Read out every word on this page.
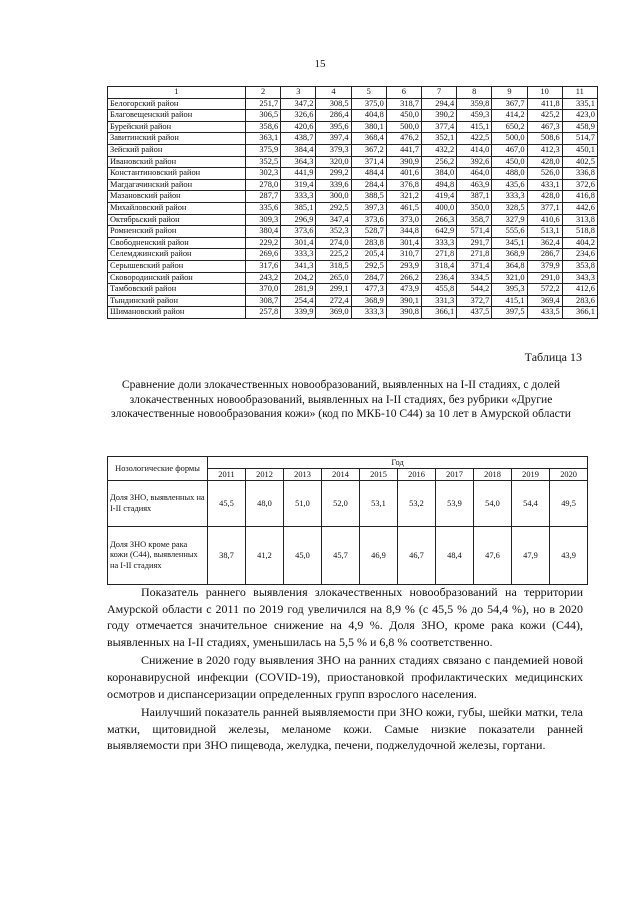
15
1	2	3	4	5	6	7	8	9	10	11
Белогорский район	251,7	347,2	308,5	375,0	318,7	294,4	359,8	367,7	411,8	335,1
Благовещенский район	306,5	326,6	286,4	404,8	450,0	390,2	459,3	414,2	425,2	423,0
Бурейский район	358,6	420,6	395,6	380,1	500,0	377,4	415,1	650,2	467,3	458,9
Завитинский район	363,1	438,7	397,4	368,4	476,2	352,1	422,5	500,0	508,6	514,7
Зейский район	375,9	384,4	379,3	367,2	441,7	432,2	414,0	467,0	412,3	450,1
Ивановский район	352,5	364,3	320,0	371,4	390,9	256,2	392,6	450,0	428,0	402,5
Константиновский район	302,3	441,9	299,2	484,4	401,6	384,0	464,0	488,0	526,0	336,8
Магдагачинский район	278,0	319,4	339,6	284,4	376,8	494,8	463,9	435,6	433,1	372,6
Мазановский район	287,7	333,3	300,0	388,5	321,2	419,4	387,1	333,3	428,0	416,8
Михайловский район	335,6	385,1	292,5	397,3	461,5	400,0	350,0	328,5	377,1	442,6
Октябрьский район	309,3	296,9	347,4	373,6	373,0	266,3	358,7	327,9	410,6	313,8
Ромненский район	380,4	373,6	352,3	528,7	344,8	642,9	571,4	555,6	513,1	518,8
Свободненский район	229,2	301,4	274,0	283,8	301,4	333,3	291,7	345,1	362,4	404,2
Селемджинский район	269,6	333,3	225,2	205,4	310,7	271,8	271,8	368,9	286,7	234,6
Серышевский район	317,6	341,3	318,5	292,5	293,9	318,4	371,4	364,8	379,9	353,8
Сковородинский район	243,2	204,2	265,0	284,7	266,2	236,4	334,5	321,0	291,0	343,3
Тамбовский район	370,0	281,9	299,1	477,3	473,9	455,8	544,2	395,3	572,2	412,6
Тындинский район	308,7	254,4	272,4	368,9	390,1	331,3	372,7	415,1	369,4	283,6
Шимановский район	257,8	339,9	369,0	333,3	390,8	366,1	437,5	397,5	433,5	366,1
Таблица 13
Сравнение доли злокачественных новообразований, выявленных на I-II стадиях, с долей злокачественных новообразований, выявленных на I-II стадиях, без рубрики «Другие злокачественные новообразования кожи» (код по МКБ-10 С44) за 10 лет в Амурской области
Нозологические формы	Год									
	2011	2012	2013	2014	2015	2016	2017	2018	2019	2020
Доля ЗНО, выявленных на I-II стадиях	45,5	48,0	51,0	52,0	53,1	53,2	53,9	54,0	54,4	49,5
Доля ЗНО кроме рака кожи (С44), выявленных на I-II стадиях	38,7	41,2	45,0	45,7	46,9	46,7	48,4	47,6	47,9	43,9

Показатель раннего выявления злокачественных новообразований на территории Амурской области с 2011 по 2019 год увеличился на 8,9 % (с 45,5 % до 54,4 %), но в 2020 году отмечается значительное снижение на 4,9 %. Доля ЗНО, кроме рака кожи (С44), выявленных на I-II стадиях, уменьшилась на 5,5 % и 6,8 % соответственно.

Снижение в 2020 году выявления ЗНО на ранних стадиях связано с пандемией новой коронавирусной инфекции (COVID-19), приостановкой профилактических медицинских осмотров и диспансеризации определенных групп взрослого населения.

Наилучший показатель ранней выявляемости при ЗНО кожи, губы, шейки матки, тела матки, щитовидной железы, меланоме кожи. Самые низкие показатели ранней выявляемости при ЗНО пищевода, желудка, печени, поджелудочной железы, гортани.
